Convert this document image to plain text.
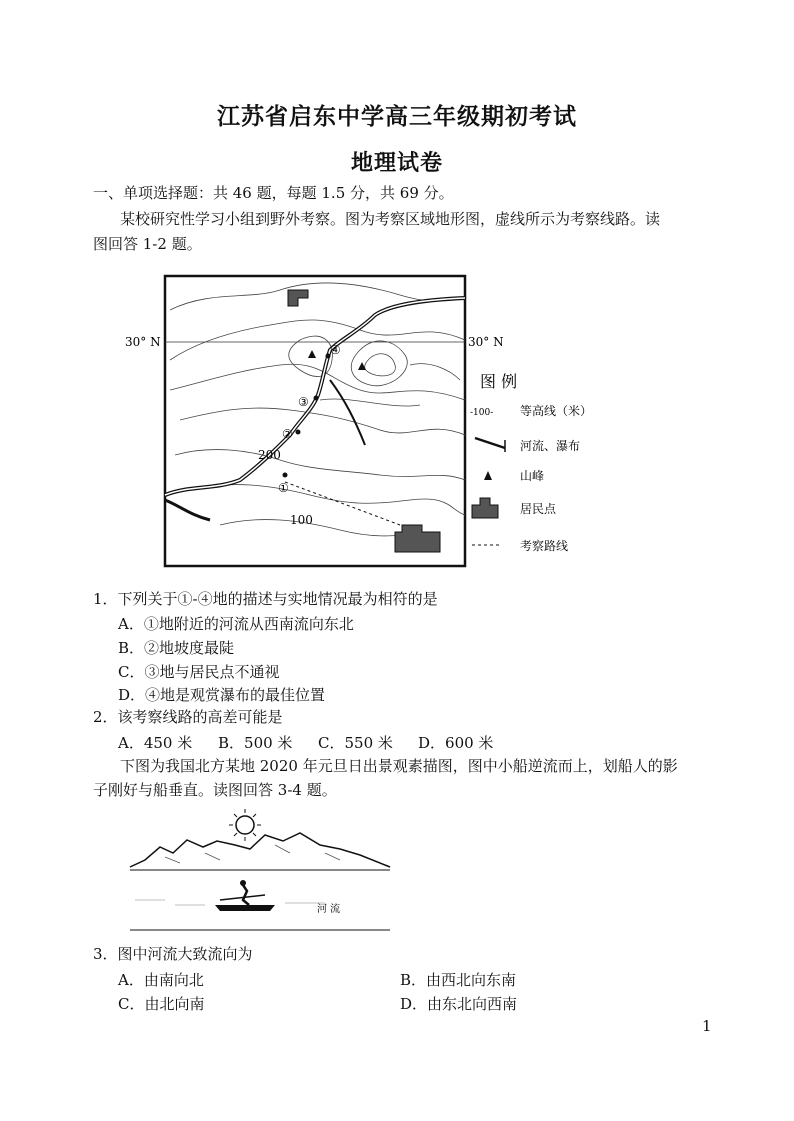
江苏省启东中学高三年级期初考试
地理试卷
一、单项选择题：共 46 题，每题 1.5 分，共 69 分。
某校研究性学习小组到野外考察。图为考察区域地形图，虚线所示为考察线路。读
图回答 1-2 题。
30° N	30° N
①
②
③
④
200
100
图 例
-100- 等高线（米）
河流、瀑布
山峰
居民点
考察路线
1．下列关于①-④地的描述与实地情况最为相符的是
A．①地附近的河流从西南流向东北
B．②地坡度最陡
C．③地与居民点不通视
D．④地是观赏瀑布的最佳位置
2．该考察线路的高差可能是
A．450 米 B．500 米 C．550 米 D．600 米
下图为我国北方某地 2020 年元旦日出景观素描图，图中小船逆流而上，划船人的影
子刚好与船垂直。读图回答 3-4 题。
河 流
3．图中河流大致流向为
A．由南向北	B．由西北向东南
C．由北向南	D．由东北向西南
1
